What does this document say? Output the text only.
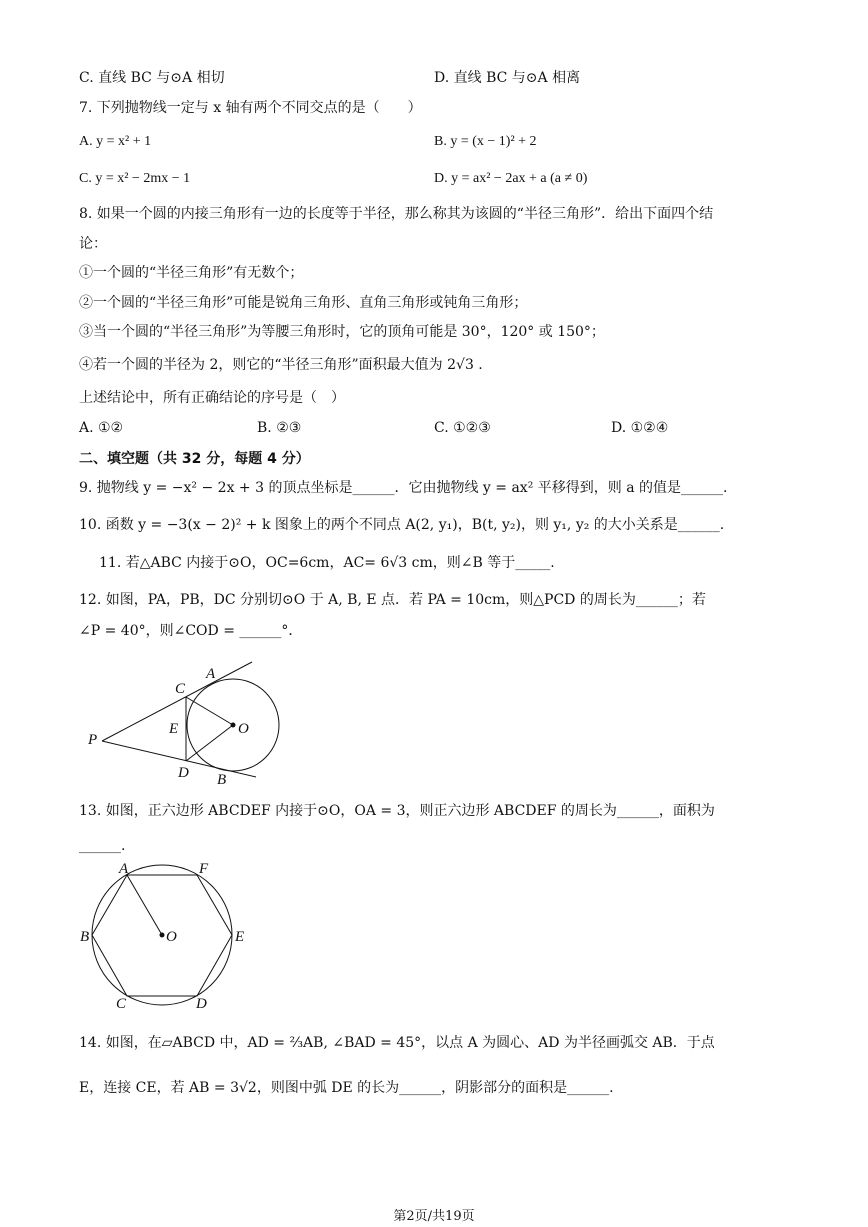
C. 直线 BC 与⊙A 相切	D. 直线 BC 与⊙A 相离
7. 下列抛物线一定与 x 轴有两个不同交点的是（　　）
A. y = x² + 1	B. y = (x − 1)² + 2
C. y = x² − 2mx − 1	D. y = ax² − 2ax + a (a ≠ 0)
8. 如果一个圆的内接三角形有一边的长度等于半径，那么称其为该圆的“半径三角形”．给出下面四个结
论：
①一个圆的“半径三角形”有无数个；
②一个圆的“半径三角形”可能是锐角三角形、直角三角形或钝角三角形；
③当一个圆的“半径三角形”为等腰三角形时，它的顶角可能是 30°，120° 或 150°；
④若一个圆的半径为 2，则它的“半径三角形”面积最大值为 2√3 .
上述结论中，所有正确结论的序号是（　）
A. ①②	B. ②③	C. ①②③	D. ①②④
二、填空题（共 32 分，每题 4 分）
9. 抛物线 y = −x² − 2x + 3 的顶点坐标是______．它由抛物线 y = ax² 平移得到，则 a 的值是______.
10. 函数 y = −3(x − 2)² + k 图象上的两个不同点 A(2, y₁)，B(t, y₂)，则 y₁, y₂ 的大小关系是______.
11. 若△ABC 内接于⊙O，OC=6cm，AC= 6√3 cm，则∠B 等于_____.
12. 如图，PA，PB，DC 分别切⊙O 于 A, B, E 点．若 PA = 10cm，则△PCD 的周长为______；若
∠P = 40°，则∠COD = ______°．
A
C
E	O
P
D B
13. 如图，正六边形 ABCDEF 内接于⊙O，OA = 3，则正六边形 ABCDEF 的周长为______，面积为
______.
A	F
B	O	E
C	D
14. 如图，在▱ABCD 中，AD = ⅔AB, ∠BAD = 45°，以点 A 为圆心、AD 为半径画弧交 AB．于点
E，连接 CE，若 AB = 3√2，则图中弧 DE 的长为______，阴影部分的面积是______.
第2页/共19页
